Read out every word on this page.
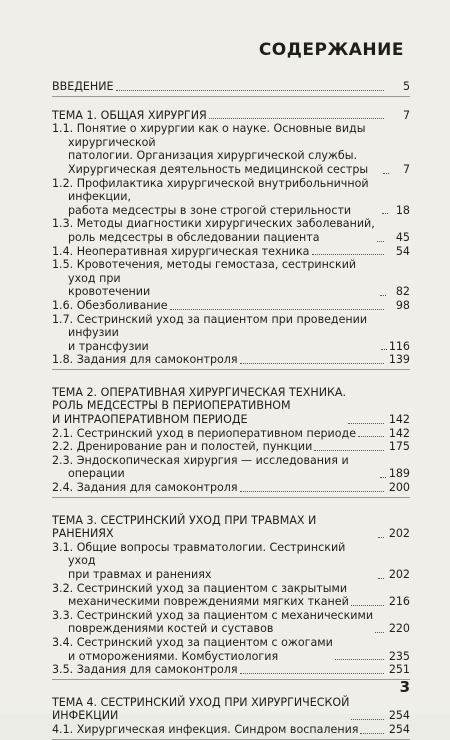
СОДЕРЖАНИЕ
ВВЕДЕНИЕ	5
ТЕМА 1. ОБЩАЯ ХИРУРГИЯ	7
1.1. Понятие о хирургии как о науке. Основные виды хирургической
патологии. Организация хирургической службы.
Хирургическая деятельность медицинской сестры	7
1.2. Профилактика хирургической внутрибольничной инфекции,
работа медсестры в зоне строгой стерильности	18
1.3. Методы диагностики хирургических заболеваний,
роль медсестры в обследовании пациента	45
1.4. Неоперативная хирургическая техника	54
1.5. Кровотечения, методы гемостаза, сестринский уход при
кровотечении	82
1.6. Обезболивание	98
1.7. Сестринский уход за пациентом при проведении инфузии
и трансфузии	116
1.8. Задания для самоконтроля	139
ТЕМА 2. ОПЕРАТИВНАЯ ХИРУРГИЧЕСКАЯ ТЕХНИКА.
РОЛЬ МЕДСЕСТРЫ В ПЕРИОПЕРАТИВНОМ
И ИНТРАОПЕРАТИВНОМ ПЕРИОДЕ	142
2.1. Сестринский уход в периоперативном периоде	142
2.2. Дренирование ран и полостей, пункции	175
2.3. Эндоскопическая хирургия — исследования и операции	189
2.4. Задания для самоконтроля	200
ТЕМА 3. СЕСТРИНСКИЙ УХОД ПРИ ТРАВМАХ И РАНЕНИЯХ	202
3.1. Общие вопросы травматологии. Сестринский уход
при травмах и ранениях	202
3.2. Сестринский уход за пациентом с закрытыми
механическими повреждениями мягких тканей	216
3.3. Сестринский уход за пациентом с механическими
повреждениями костей и суставов	220
3.4. Сестринский уход за пациентом с ожогами
и отморожениями. Комбустиология	235
3.5. Задания для самоконтроля	251
ТЕМА 4. СЕСТРИНСКИЙ УХОД ПРИ ХИРУРГИЧЕСКОЙ
ИНФЕКЦИИ	254
4.1. Хирургическая инфекция. Синдром воспаления	254
3
